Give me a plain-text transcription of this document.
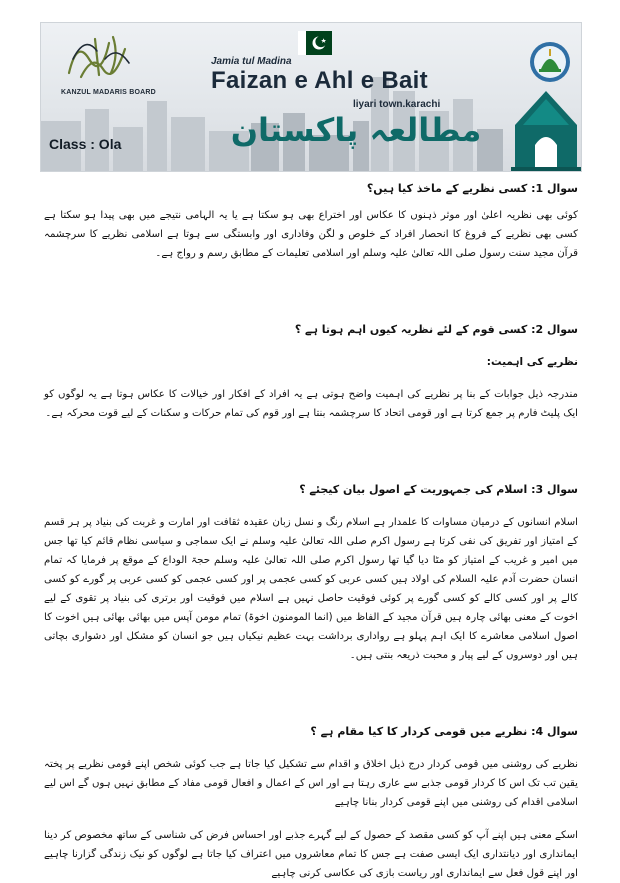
KANZUL MADARIS BOARD
Jamia tul Madina
Faizan e Ahl e Bait
liyari town.karachi
Class : Ola	مطالعہ پاکستان

سوال 1: کسی نظریے کے ماخذ کیا ہیں؟

کوئی بھی نظریہ اعلیٰ اور موثر ذہنوں کا عکاس اور اختراع بھی ہو سکتا ہے یا یہ الہامی نتیجے میں بھی پیدا ہو سکتا ہے کسی بھی نظریے کے فروغ کا انحصار افراد کے خلوص و لگن وفاداری اور وابستگی سے ہوتا ہے اسلامی نظریے کا سرچشمہ قرآن مجید سنت رسول صلی اللہ تعالیٰ علیہ وسلم اور اسلامی تعلیمات کے مطابق رسم و رواج ہے۔

سوال 2: کسی قوم کے لئے نظریہ کیوں اہم ہوتا ہے ؟

نظریے کی اہمیت:

مندرجہ ذیل جوابات کے بنا پر نظریے کی اہمیت واضح ہوتی ہے یہ افراد کے افکار اور خیالات کا عکاس ہوتا ہے یہ لوگوں کو ایک پلیٹ فارم پر جمع کرتا ہے اور قومی اتحاد کا سرچشمہ بنتا ہے اور قوم کی تمام حرکات و سکنات کے لیے قوت محرکہ ہے۔

سوال 3: اسلام کی جمہوریت کے اصول بیان کیجئے ؟

اسلام انسانوں کے درمیان مساوات کا علمدار ہے اسلام رنگ و نسل زبان عقیدہ ثقافت اور امارت و غربت کی بنیاد پر ہر قسم کے امتیاز اور تفریق کی نفی کرتا ہے رسول اکرم صلی اللہ تعالیٰ علیہ وسلم نے ایک سماجی و سیاسی نظام قائم کیا تھا جس میں امیر و غریب کے امتیاز کو مٹا دیا گیا تھا رسول اکرم صلی اللہ تعالیٰ علیہ وسلم حجۃ الوداع کے موقع پر فرمایا کہ تمام انسان حضرت آدم علیہ السلام کی اولاد ہیں کسی عربی کو کسی عجمی پر اور کسی عجمی کو کسی عربی پر گورے کو کسی کالے پر اور کسی کالے کو کسی گورے پر کوئی فوقیت حاصل نہیں ہے اسلام میں فوقیت اور برتری کی بنیاد پر تقوی کے لیے اخوت کے معنی بھائی چارہ ہیں قرآن مجید کے الفاظ میں (انما المومنون اخوۃ) تمام مومن آپس میں بھائی بھائی ہیں اخوت کا اصول اسلامی معاشرے کا ایک اہم پہلو ہے رواداری برداشت بہت عظیم نیکیاں ہیں جو انسان کو مشکل اور دشواری بچاتی ہیں اور دوسروں کے لیے پیار و محبت ذریعہ بنتی ہیں۔

سوال 4: نظریے میں قومی کردار کا کیا مقام ہے ؟

نظریے کی روشنی میں قومی کردار درج ذیل اخلاق و اقدام سے تشکیل کیا جاتا ہے جب کوئی شخص اپنے قومی نظریے پر پختہ یقین تب تک اس کا کردار قومی جذبے سے عاری رہتا ہے اور اس کے اعمال و افعال قومی مفاد کے مطابق نہیں ہوں گے اس لیے اسلامی اقدام کی روشنی میں اپنے قومی کردار بنانا چاہیے

اسکے معنی ہیں اپنے آپ کو کسی مقصد کے حصول کے لیے گہرے جذبے اور احساس فرض کی شناسی کے ساتھ مخصوص کر دینا ایمانداری اور دیانتداری ایک ایسی صفت ہے جس کا تمام معاشروں میں اعتراف کیا جاتا ہے لوگوں کو نیک زندگی گزارنا چاہیے اور اپنے قول فعل سے ایمانداری اور ریاست بازی کی عکاسی کرنی چاہیے
